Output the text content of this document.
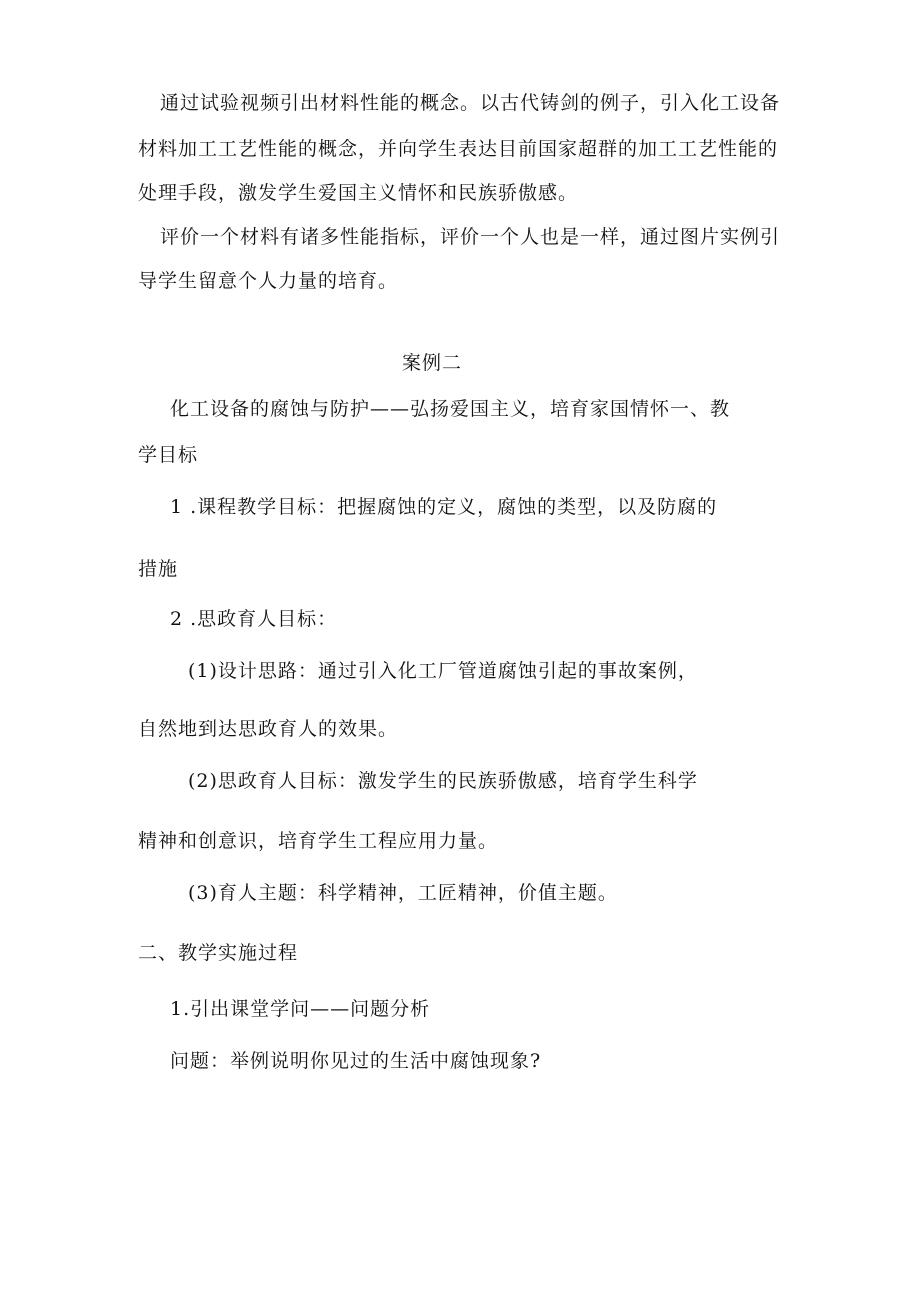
通过试验视频引出材料性能的概念。以古代铸剑的例子，引入化工设备
材料加工工艺性能的概念，并向学生表达目前国家超群的加工工艺性能的
处理手段，激发学生爱国主义情怀和民族骄傲感。
评价一个材料有诸多性能指标，评价一个人也是一样，通过图片实例引
导学生留意个人力量的培育。
案例二
化工设备的腐蚀与防护——弘扬爱国主义，培育家国情怀一、教
学目标
1 .课程教学目标：把握腐蚀的定义，腐蚀的类型，以及防腐的
措施
2 .思政育人目标：
(1)设计思路：通过引入化工厂管道腐蚀引起的事故案例，
自然地到达思政育人的效果。
(2)思政育人目标：激发学生的民族骄傲感，培育学生科学
精神和创意识，培育学生工程应用力量。
(3)育人主题：科学精神，工匠精神，价值主题。
二、教学实施过程
1.引出课堂学问——问题分析
问题：举例说明你见过的生活中腐蚀现象?
